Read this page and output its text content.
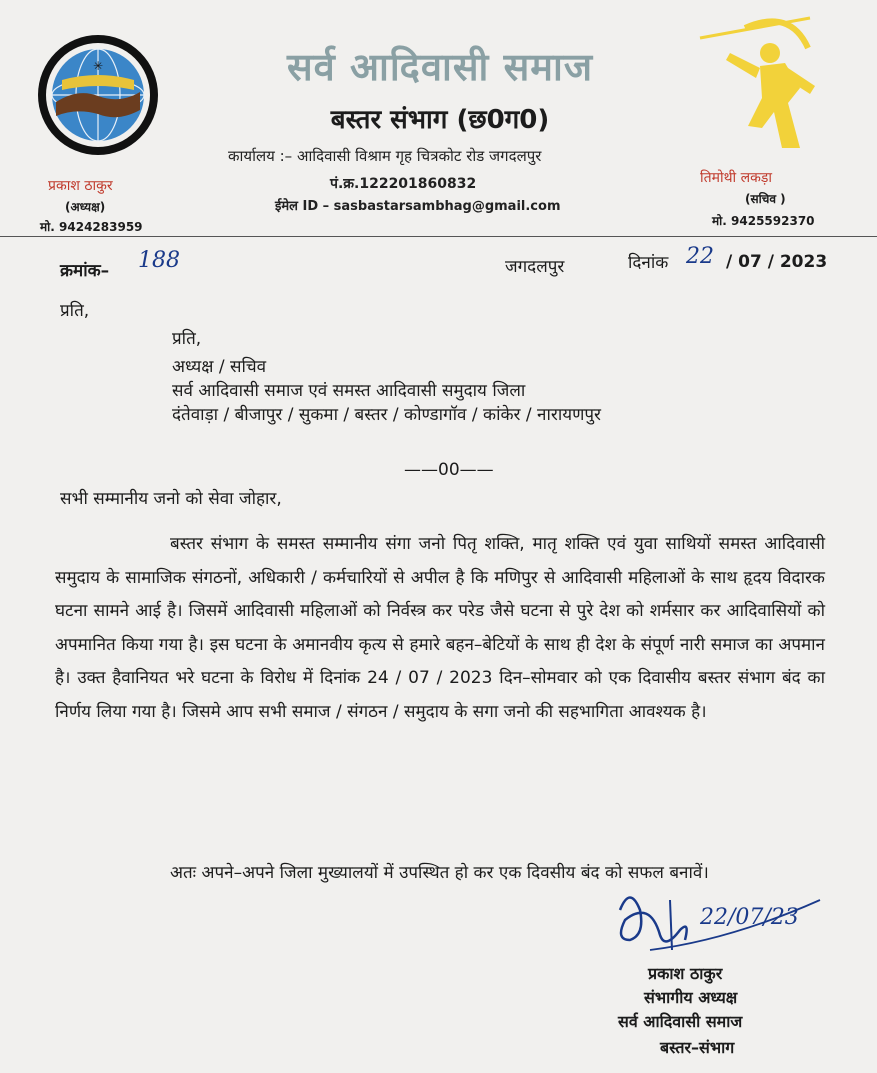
✳	सर्व आदिवासी समाज
बस्तर संभाग (छ0ग0)
कार्यालय :– आदिवासी विश्राम गृह चित्रकोट रोड जगदलपुर
पं.क्र.122201860832
ईमेल ID – sasbastarsambhag@gmail.com
प्रकाश ठाकुर
(अध्यक्ष)
मो. 9424283959
तिमोथी लकड़ा
(सचिव )
मो. 9425592370
क्रमांक– 188	जगदलपुर	दिनांक 22 / 07 / 2023
प्रति,
प्रति,
अध्यक्ष / सचिव
सर्व आदिवासी समाज एवं समस्त आदिवासी समुदाय जिला
दंतेवाड़ा / बीजापुर / सुकमा / बस्तर / कोण्डागॉव / कांकेर / नारायणपुर
——00——
सभी सम्मानीय जनो को सेवा जोहार,
बस्तर संभाग के समस्त सम्मानीय संगा जनो पितृ शक्ति, मातृ शक्ति एवं युवा साथियों समस्त आदिवासी समुदाय के सामाजिक संगठनों, अधिकारी / कर्मचारियों से अपील है कि मणिपुर से आदिवासी महिलाओं के साथ हृदय विदारक घटना सामने आई है। जिसमें आदिवासी महिलाओं को निर्वस्त्र कर परेड जैसे घटना से पुरे देश को शर्मसार कर आदिवासियों को अपमानित किया गया है। इस घटना के अमानवीय कृत्य से हमारे बहन–बेटियों के साथ ही देश के संपूर्ण नारी समाज का अपमान है। उक्त हैवानियत भरे घटना के विरोध में दिनांक 24 / 07 / 2023 दिन–सोमवार को एक दिवासीय बस्तर संभाग बंद का निर्णय लिया गया है। जिसमे आप सभी समाज / संगठन / समुदाय के सगा जनो की सहभागिता आवश्यक है।
अतः अपने–अपने जिला मुख्यालयों में उपस्थित हो कर एक दिवसीय बंद को सफल बनावें।
22/07/23
प्रकाश ठाकुर
संभागीय अध्यक्ष
सर्व आदिवासी समाज
बस्तर–संभाग
